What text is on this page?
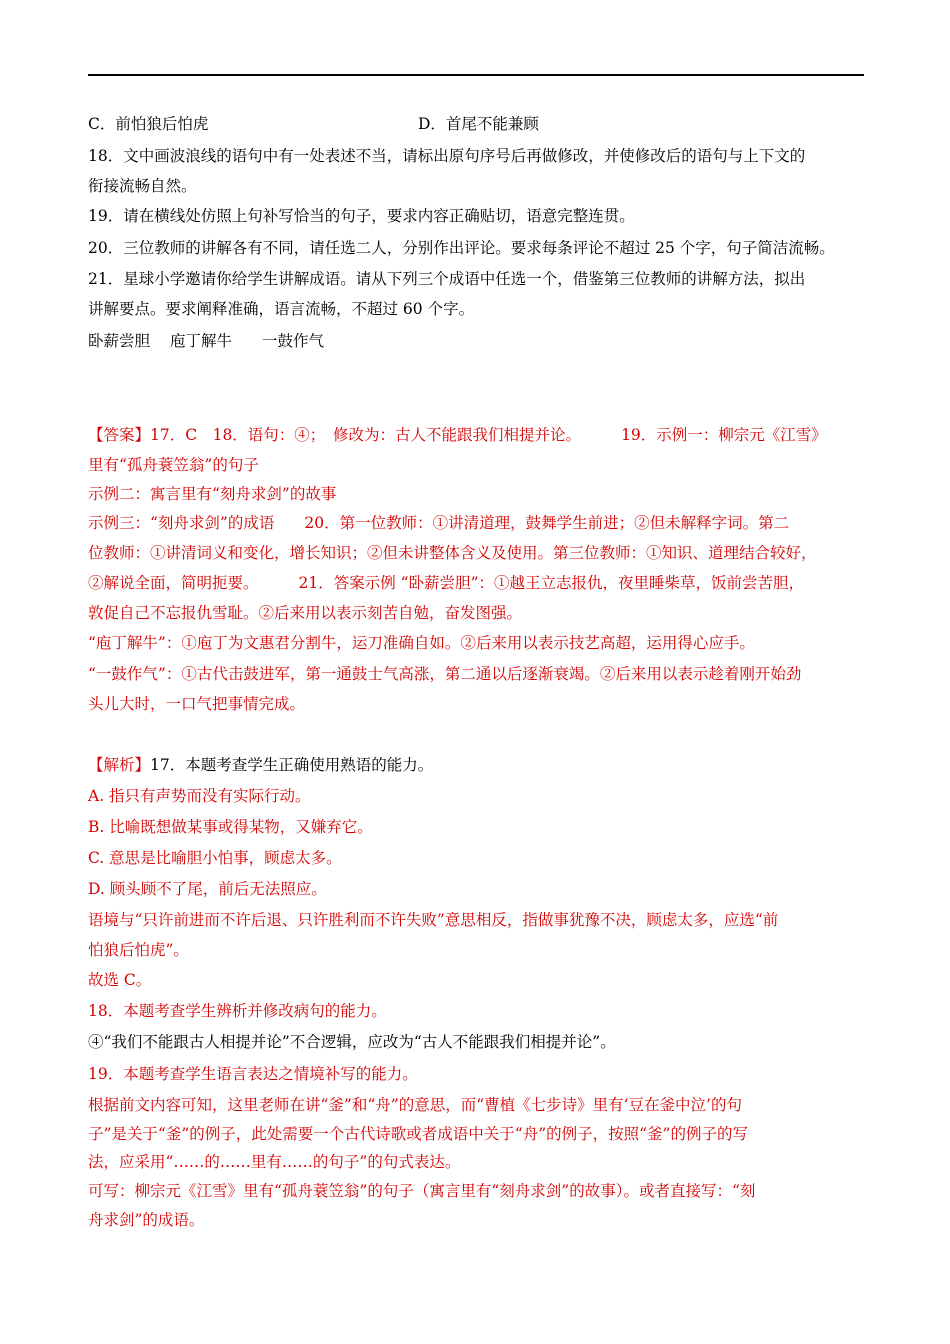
C．前怕狼后怕虎	D．首尾不能兼顾
18．文中画波浪线的语句中有一处表述不当，请标出原句序号后再做修改，并使修改后的语句与上下文的
衔接流畅自然。
19．请在横线处仿照上句补写恰当的句子，要求内容正确贴切，语意完整连贯。
20．三位教师的讲解各有不同，请任选二人，分别作出评论。要求每条评论不超过 25 个字，句子简洁流畅。
21．星球小学邀请你给学生讲解成语。请从下列三个成语中任选一个，借鉴第三位教师的讲解方法，拟出
讲解要点。要求阐释准确，语言流畅，不超过 60 个字。
卧薪尝胆 庖丁解牛 一鼓作气
【答案】17．C　18．语句：④；　修改为：古人不能跟我们相提并论。	19．示例一：柳宗元《江雪》
里有“孤舟蓑笠翁”的句子
示例二：寓言里有“刻舟求剑”的故事
示例三：“刻舟求剑”的成语 20．第一位教师：①讲清道理，鼓舞学生前进；②但未解释字词。第二
位教师：①讲清词义和变化，增长知识；②但未讲整体含义及使用。第三位教师：①知识、道理结合较好，
②解说全面，简明扼要。	21．答案示例 “卧薪尝胆”：①越王立志报仇，夜里睡柴草，饭前尝苦胆，
敦促自己不忘报仇雪耻。②后来用以表示刻苦自勉，奋发图强。
“庖丁解牛”：①庖丁为文惠君分割牛，运刀准确自如。②后来用以表示技艺高超，运用得心应手。
“一鼓作气”：①古代击鼓进军，第一通鼓士气高涨，第二通以后逐渐衰竭。②后来用以表示趁着刚开始劲
头儿大时，一口气把事情完成。
【解析】17．本题考查学生正确使用熟语的能力。
A. 指只有声势而没有实际行动。
B. 比喻既想做某事或得某物，又嫌弃它。
C. 意思是比喻胆小怕事，顾虑太多。
D. 顾头顾不了尾，前后无法照应。
语境与“只许前进而不许后退、只许胜利而不许失败”意思相反，指做事犹豫不决，顾虑太多，应选“前
怕狼后怕虎”。
故选 C。
18．本题考查学生辨析并修改病句的能力。
④“我们不能跟古人相提并论”不合逻辑，应改为“古人不能跟我们相提并论”。
19．本题考查学生语言表达之情境补写的能力。
根据前文内容可知，这里老师在讲“釜”和“舟”的意思，而“曹植《七步诗》里有‘豆在釜中泣’的句
子”是关于“釜”的例子，此处需要一个古代诗歌或者成语中关于“舟”的例子，按照“釜”的例子的写
法，应采用“……的……里有……的句子”的句式表达。
可写：柳宗元《江雪》里有“孤舟蓑笠翁”的句子（寓言里有“刻舟求剑”的故事）。或者直接写：“刻
舟求剑”的成语。
